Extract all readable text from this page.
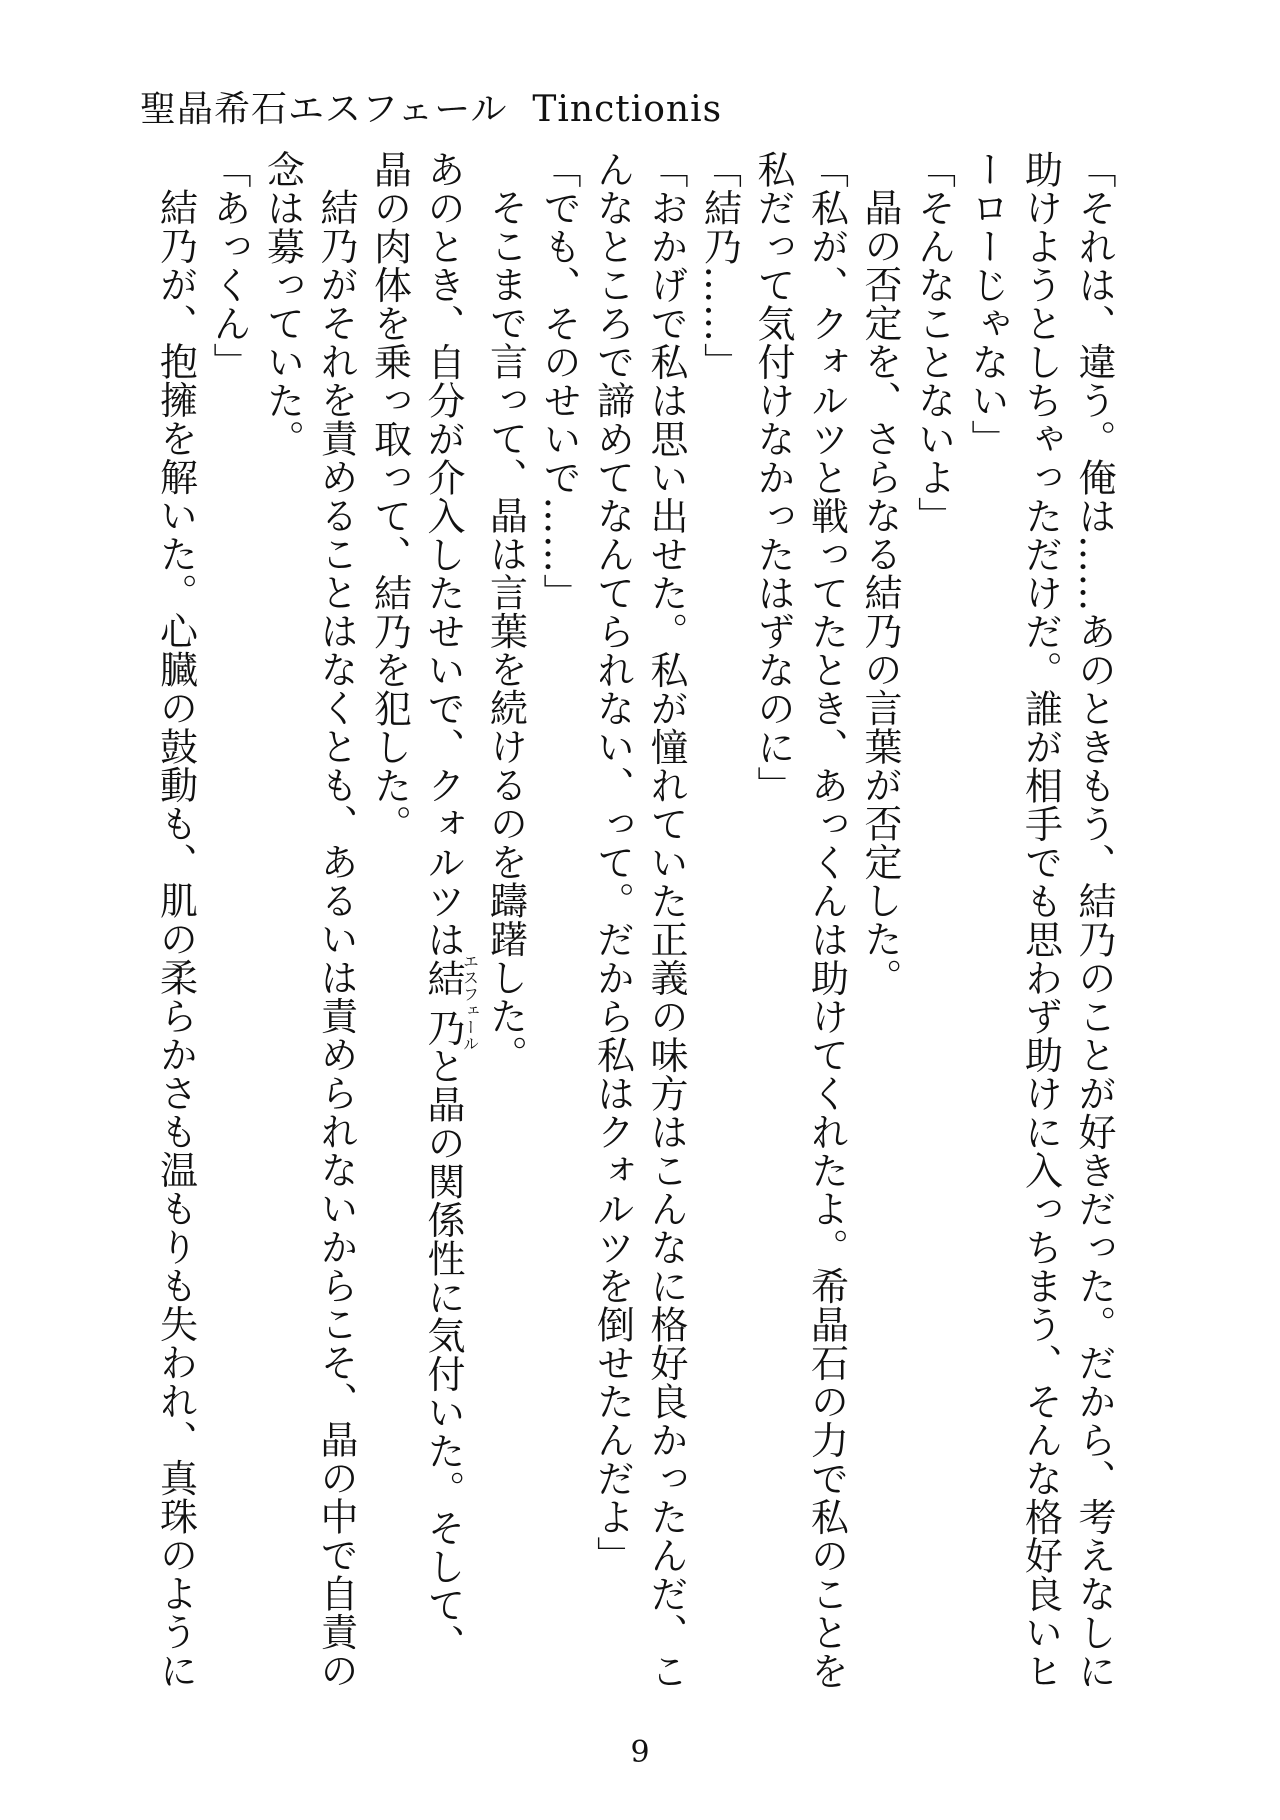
聖晶希石エスフェール Tinctionis
「それは、違う。俺は……あのときもう、結乃のことが好きだった。だから、考えなしに
助けようとしちゃっただけだ。誰が相手でも思わず助けに入っちまう、そんな格好良いヒ
ーローじゃない」
「そんなことないよ」
晶の否定を、さらなる結乃の言葉が否定した。
「私が、クォルツと戦ってたとき、あっくんは助けてくれたよ。希晶石の力で私のことを
私だって気付けなかったはずなのに」
「結乃……」
「おかげで私は思い出せた。私が憧れていた正義の味方はこんなに格好良かったんだ、こ
んなところで諦めてなんてられない、って。だから私はクォルツを倒せたんだよ」
「でも、そのせいで……」
そこまで言って、晶は言葉を続けるのを躊躇した。
あのとき、自分が介入したせいで、クォルツは結乃エスフェールと晶の関係性に気付いた。そして、
晶の肉体を乗っ取って、結乃を犯した。
結乃がそれを責めることはなくとも、あるいは責められないからこそ、晶の中で自責の
念は募っていた。
「あっくん」
結乃が、抱擁を解いた。心臓の鼓動も、肌の柔らかさも温もりも失われ、真珠のように
9
